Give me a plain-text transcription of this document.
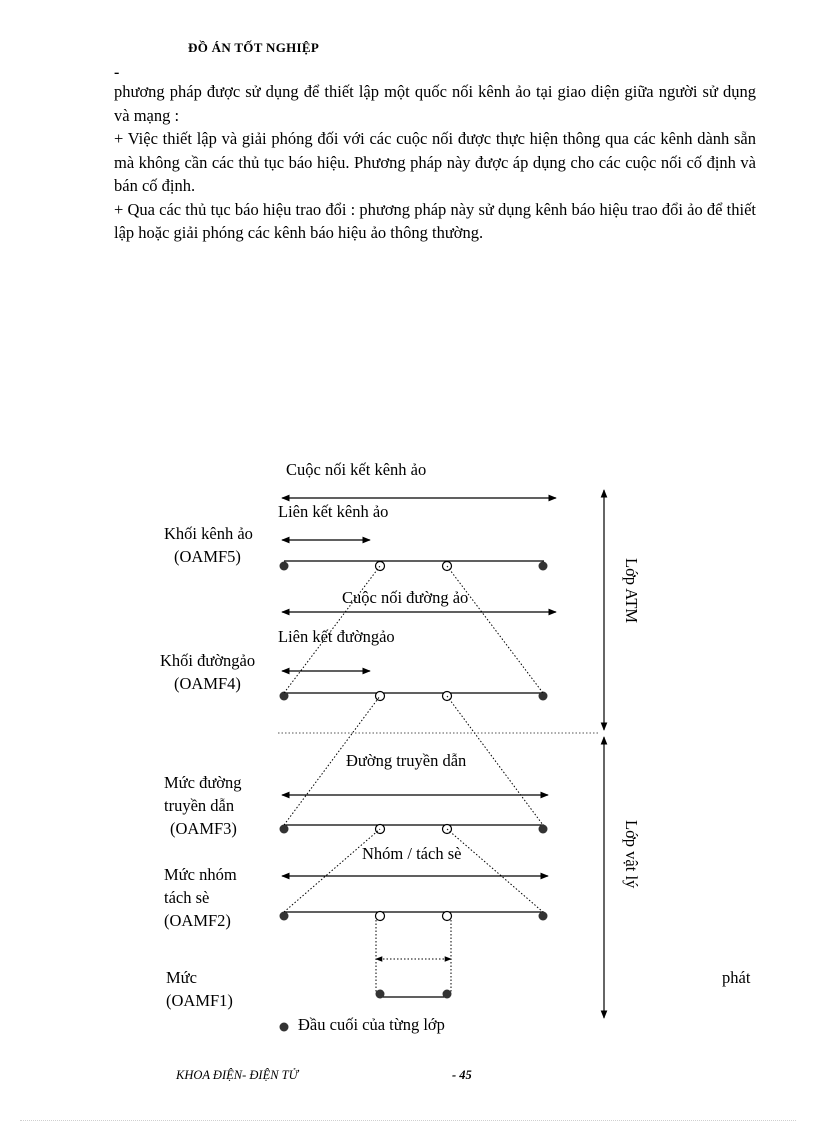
ĐỒ ÁN TỐT NGHIỆP
-

phương pháp được sử dụng để thiết lập một quốc nối kênh ảo tại giao diện giữa người sử dụng và mạng :

+ Việc thiết lập và giải phóng đối với các cuộc nối được thực hiện thông qua các kênh dành sẵn mà không cần các thủ tục báo hiệu. Phương pháp này được áp dụng cho các cuộc nối cố định và bán cố định.

+ Qua các thủ tục báo hiệu trao đổi : phương pháp này sử dụng kênh báo hiệu trao đổi ảo để thiết lập hoặc giải phóng các kênh báo hiệu ảo thông thường.

Cuộc nối kết kênh ảo
Liên kết kênh ảo
Khối kênh ảo
(OAMF5)
Cuộc nối đường ảo
Liên kết đườngảo
Khối đườngảo
(OAMF4)
Đường truyền dẫn
Mức đường
truyền dẫn
(OAMF3)
Nhóm / tách sè
Mức nhóm
tách sè
(OAMF2)
Mức
(OAMF1)
phát
Lớp ATM
Lớp vật lý
Đầu cuối của từng lớp
KHOA ĐIỆN- ĐIỆN TỬ	- 45
